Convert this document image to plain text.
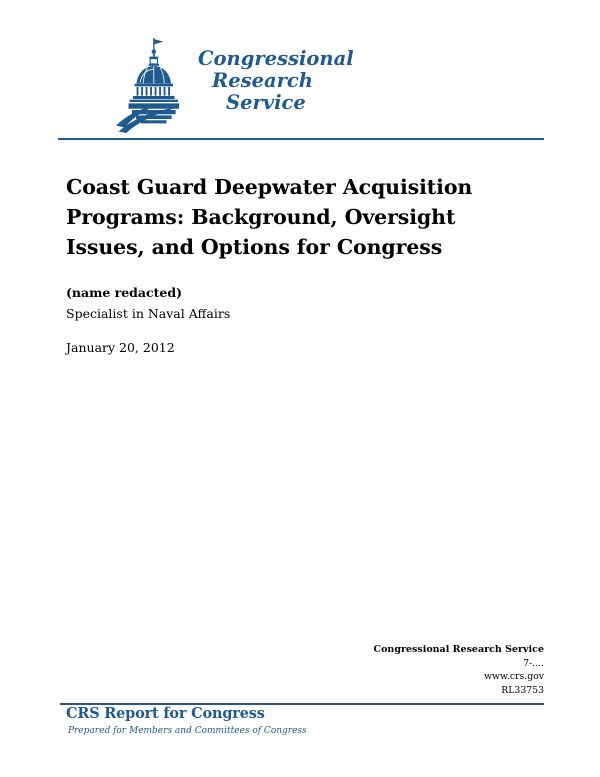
Congressional
Research
Service
Coast Guard Deepwater Acquisition Programs: Background, Oversight Issues, and Options for Congress

(name redacted)

Specialist in Naval Affairs

January 20, 2012
Congressional Research Service
7-....
www.crs.gov
RL33753
CRS Report for Congress
Prepared for Members and Committees of Congress
